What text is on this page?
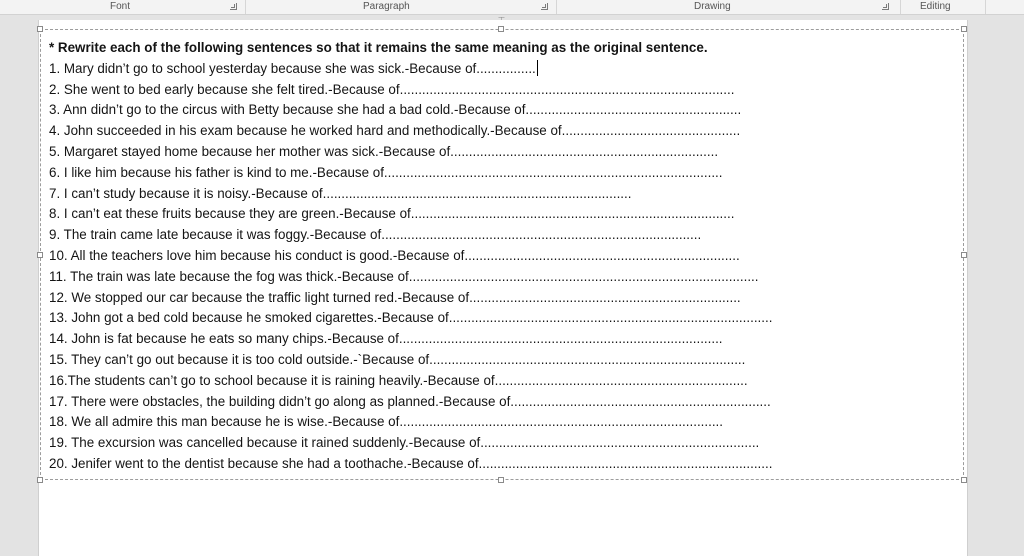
Font	Paragraph	Drawing	Editing
* Rewrite each of the following sentences so that it remains the same meaning as the original sentence.
1. Mary didn’t go to school yesterday because she was sick.-Because of................
2. She went to bed early because she felt tired.-Because of..........................................................................................
3. Ann didn’t go to the circus with Betty because she had a bad cold.-Because of..........................................................
4. John succeeded in his exam because he worked hard and methodically.-Because of................................................
5. Margaret stayed home because her mother was sick.-Because of........................................................................
6. I like him because his father is kind to me.-Because of...........................................................................................
7. I can’t study because it is noisy.-Because of...................................................................................
8. I can’t eat these fruits because they are green.-Because of.......................................................................................
9. The train came late because it was foggy.-Because of......................................................................................
10. All the teachers love him because his conduct is good.-Because of..........................................................................
11. The train was late because the fog was thick.-Because of..............................................................................................
12. We stopped our car because the traffic light turned red.-Because of.........................................................................
13. John got a bed cold because he smoked cigarettes.-Because of.......................................................................................
14. John is fat because he eats so many chips.-Because of.......................................................................................
15. They can’t go out because it is too cold outside.-`Because of.....................................................................................
16.The students can’t go to school because it is raining heavily.-Because of....................................................................
17. There were obstacles, the building didn’t go along as planned.-Because of......................................................................
18. We all admire this man because he is wise.-Because of.......................................................................................
19. The excursion was cancelled because it rained suddenly.-Because of...........................................................................
20. Jenifer went to the dentist because she had a toothache.-Because of...............................................................................
